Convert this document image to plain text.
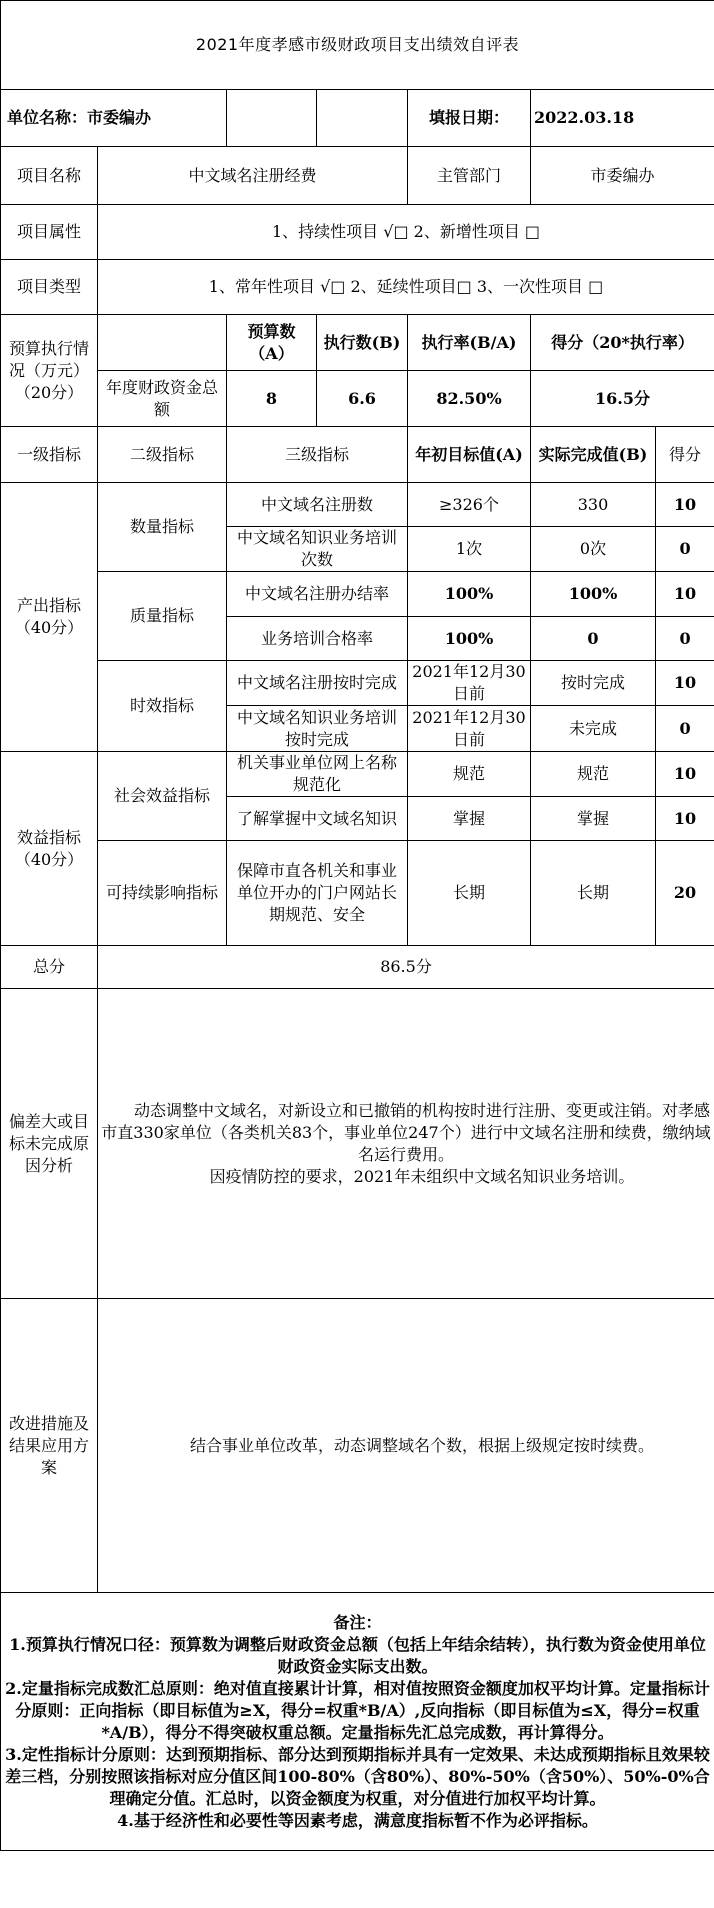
2021年度孝感市级财政项目支出绩效自评表						
单位名称：市委编办				填报日期：	2022.03.18	
项目名称	中文域名注册经费			主管部门	市委编办	
项目属性	1、持续性项目 √□ 2、新增性项目 □					
项目类型	1、常年性项目 √□ 2、延续性项目□ 3、一次性项目 □					
预算执行情况（万元）（20分）		预算数（A）	执行数(B)	执行率(B/A)	得分（20*执行率）	
	年度财政资金总额	8	6.6	82.50%	16.5分	
一级指标	二级指标	三级指标		年初目标值(A)	实际完成值(B)	得分
产出指标（40分）	数量指标	中文域名注册数		≥326个	330	10
		中文域名知识业务培训次数		1次	0次	0
	质量指标	中文域名注册办结率		100%	100%	10
		业务培训合格率		100%	0	0
	时效指标	中文域名注册按时完成		2021年12月30日前	按时完成	10
		中文域名知识业务培训按时完成		2021年12月30日前	未完成	0
效益指标（40分）	社会效益指标	机关事业单位网上名称规范化		规范	规范	10
		了解掌握中文域名知识		掌握	掌握	10
	可持续影响指标	保障市直各机关和事业单位开办的门户网站长期规范、安全		长期	长期	20
总分	86.5分					
偏差大或目标未完成原因分析	动态调整中文域名，对新设立和已撤销的机构按时进行注册、变更或注销。对孝感市直330家单位（各类机关83个，事业单位247个）进行中文域名注册和续费，缴纳域名运行费用。
因疫情防控的要求，2021年未组织中文域名知识业务培训。					

改进措施及结果应用方案	结合事业单位改革，动态调整域名个数，根据上级规定按时续费。					

备注：
1.预算执行情况口径：预算数为调整后财政资金总额（包括上年结余结转），执行数为资金使用单位财政资金实际支出数。
2.定量指标完成数汇总原则：绝对值直接累计计算，相对值按照资金额度加权平均计算。定量指标计分原则：正向指标（即目标值为≥X，得分=权重*B/A）,反向指标（即目标值为≤X，得分=权重*A/B），得分不得突破权重总额。定量指标先汇总完成数，再计算得分。
3.定性指标计分原则：达到预期指标、部分达到预期指标并具有一定效果、未达成预期指标且效果较差三档，分别按照该指标对应分值区间100-80%（含80%）、80%-50%（含50%）、50%-0%合理确定分值。汇总时，以资金额度为权重，对分值进行加权平均计算。
4.基于经济性和必要性等因素考虑，满意度指标暂不作为必评指标。						
